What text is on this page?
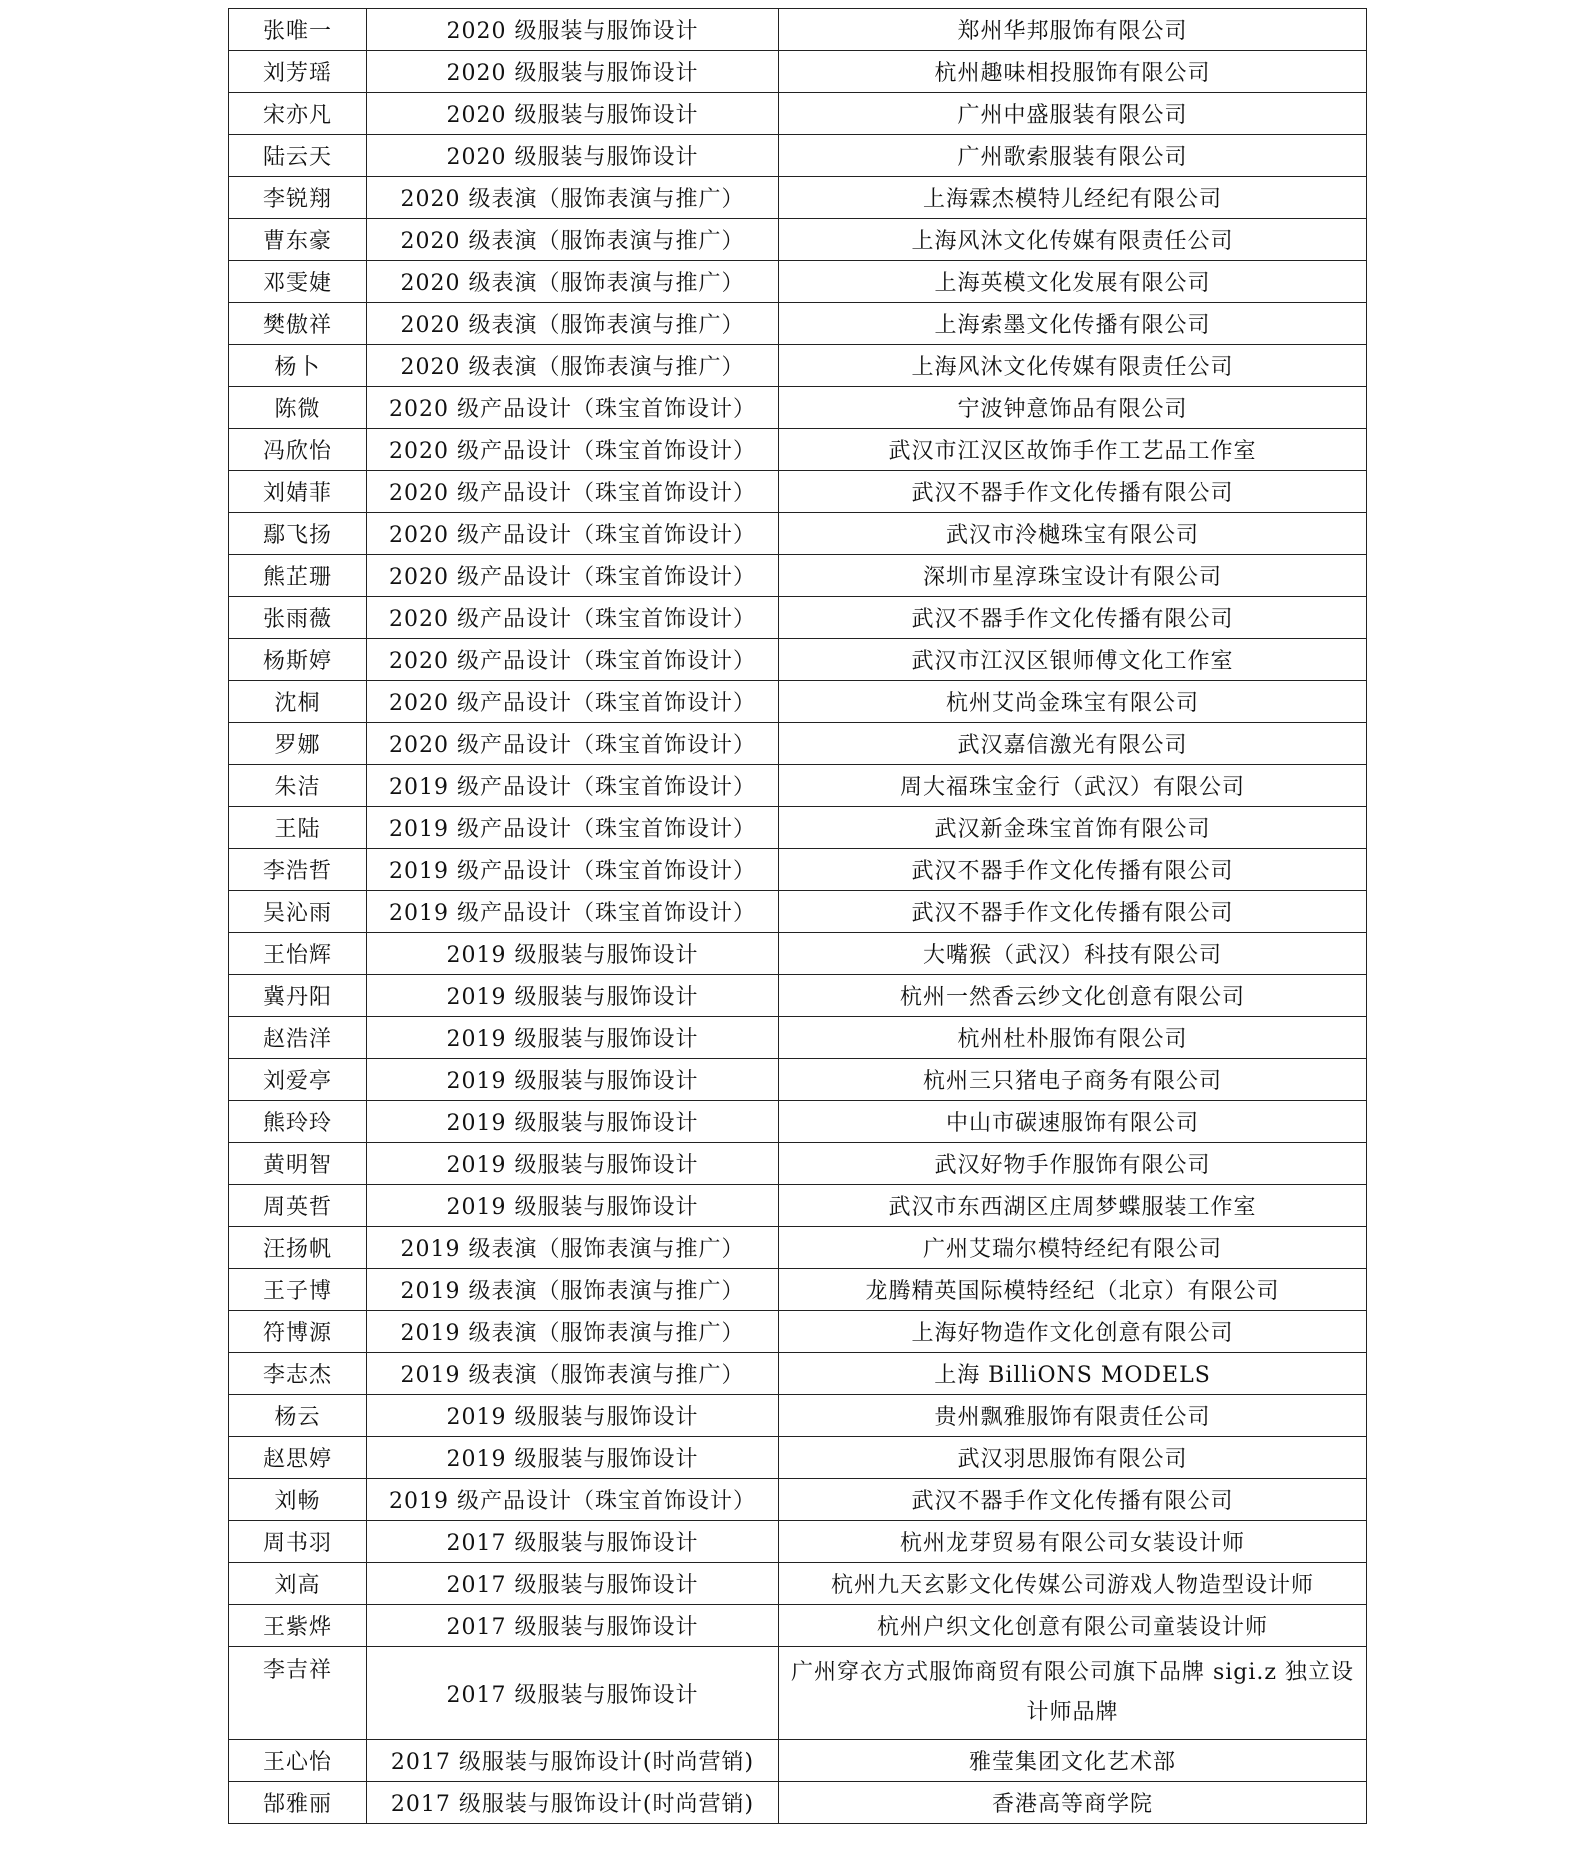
张唯一	2020 级服装与服饰设计	郑州华邦服饰有限公司
刘芳瑶	2020 级服装与服饰设计	杭州趣味相投服饰有限公司
宋亦凡	2020 级服装与服饰设计	广州中盛服装有限公司
陆云天	2020 级服装与服饰设计	广州歌索服装有限公司
李锐翔	2020 级表演（服饰表演与推广）	上海霖杰模特儿经纪有限公司
曹东豪	2020 级表演（服饰表演与推广）	上海风沐文化传媒有限责任公司
邓雯婕	2020 级表演（服饰表演与推广）	上海英模文化发展有限公司
樊傲祥	2020 级表演（服饰表演与推广）	上海索墨文化传播有限公司
杨卜	2020 级表演（服饰表演与推广）	上海风沐文化传媒有限责任公司
陈微	2020 级产品设计（珠宝首饰设计）	宁波钟意饰品有限公司
冯欣怡	2020 级产品设计（珠宝首饰设计）	武汉市江汉区故饰手作工艺品工作室
刘婧菲	2020 级产品设计（珠宝首饰设计）	武汉不器手作文化传播有限公司
鄢飞扬	2020 级产品设计（珠宝首饰设计）	武汉市泠樾珠宝有限公司
熊芷珊	2020 级产品设计（珠宝首饰设计）	深圳市星淳珠宝设计有限公司
张雨薇	2020 级产品设计（珠宝首饰设计）	武汉不器手作文化传播有限公司
杨斯婷	2020 级产品设计（珠宝首饰设计）	武汉市江汉区银师傅文化工作室
沈桐	2020 级产品设计（珠宝首饰设计）	杭州艾尚金珠宝有限公司
罗娜	2020 级产品设计（珠宝首饰设计）	武汉嘉信激光有限公司
朱洁	2019 级产品设计（珠宝首饰设计）	周大福珠宝金行（武汉）有限公司
王陆	2019 级产品设计（珠宝首饰设计）	武汉新金珠宝首饰有限公司
李浩哲	2019 级产品设计（珠宝首饰设计）	武汉不器手作文化传播有限公司
吴沁雨	2019 级产品设计（珠宝首饰设计）	武汉不器手作文化传播有限公司
王怡辉	2019 级服装与服饰设计	大嘴猴（武汉）科技有限公司
冀丹阳	2019 级服装与服饰设计	杭州一然香云纱文化创意有限公司
赵浩洋	2019 级服装与服饰设计	杭州杜朴服饰有限公司
刘爱亭	2019 级服装与服饰设计	杭州三只猪电子商务有限公司
熊玲玲	2019 级服装与服饰设计	中山市碳速服饰有限公司
黄明智	2019 级服装与服饰设计	武汉好物手作服饰有限公司
周英哲	2019 级服装与服饰设计	武汉市东西湖区庄周梦蝶服装工作室
汪扬帆	2019 级表演（服饰表演与推广）	广州艾瑞尔模特经纪有限公司
王子博	2019 级表演（服饰表演与推广）	龙腾精英国际模特经纪（北京）有限公司
符博源	2019 级表演（服饰表演与推广）	上海好物造作文化创意有限公司
李志杰	2019 级表演（服饰表演与推广）	上海 BilliONS MODELS
杨云	2019 级服装与服饰设计	贵州飘雅服饰有限责任公司
赵思婷	2019 级服装与服饰设计	武汉羽思服饰有限公司
刘畅	2019 级产品设计（珠宝首饰设计）	武汉不器手作文化传播有限公司
周书羽	2017 级服装与服饰设计	杭州龙芽贸易有限公司女装设计师
刘高	2017 级服装与服饰设计	杭州九天玄影文化传媒公司游戏人物造型设计师
王紫烨	2017 级服装与服饰设计	杭州户织文化创意有限公司童装设计师
李吉祥	2017 级服装与服饰设计	广州穿衣方式服饰商贸有限公司旗下品牌 sigi.z 独立设计师品牌
王心怡	2017 级服装与服饰设计(时尚营销)	雅莹集团文化艺术部
郜雅丽	2017 级服装与服饰设计(时尚营销)	香港高等商学院
